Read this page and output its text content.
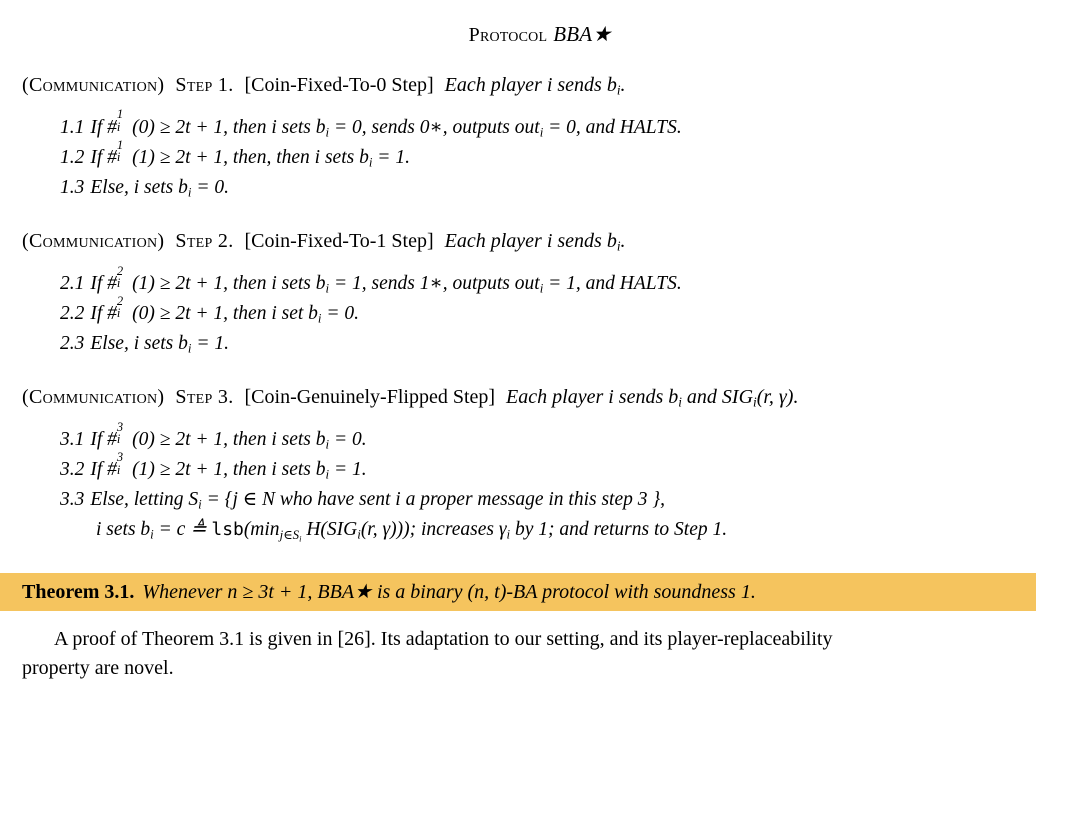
Protocol BBA★
(Communication) Step 1. [Coin-Fixed-To-0 Step] Each player i sends $b_i$.
1.1 If #
1
i (0) ≥ 2t + 1, then i sets $b_i = 0$, sends 0∗, outputs out$_i$ = 0, and HALTS.
1.2 If #
1
i (1) ≥ 2t + 1, then, then i sets $b_i = 1$.
1.3 Else, i sets $b_i = 0$.
(Communication) Step 2. [Coin-Fixed-To-1 Step] Each player i sends $b_i$.
2.1 If #
2
i (1) ≥ 2t + 1, then i sets $b_i = 1$, sends 1∗, outputs out$_i$ = 1, and HALTS.
2.2 If #
2
i (0) ≥ 2t + 1, then i set $b_i = 0$.
2.3 Else, i sets $b_i = 1$.
(Communication) Step 3. [Coin-Genuinely-Flipped Step] Each player i sends $b_i$ and $SIG_i(r$, γ).
3.1 If #
3
i (0) ≥ 2t + 1, then i sets $b_i = 0$.
3.2 If #
3
i (1) ≥ 2t + 1, then i sets $b_i = 1$.
3.3 Else, letting $S_i = \{j$ ∈ N who have sent i a proper message in this step 3 },
i sets $b_i = c$ ≜ $lsb(\min_{j\in S_i}$ $H(SIG_i(r$, γ))); increases $\gamma_i$ by 1; and returns to Step 1.
Theorem 3.1. Whenever n ≥ 3t + 1, BBA★ is a binary (n, t)-BA protocol with soundness 1.
A proof of Theorem 3.1 is given in [26]. Its adaptation to our setting, and its player-replaceability
property are novel.
